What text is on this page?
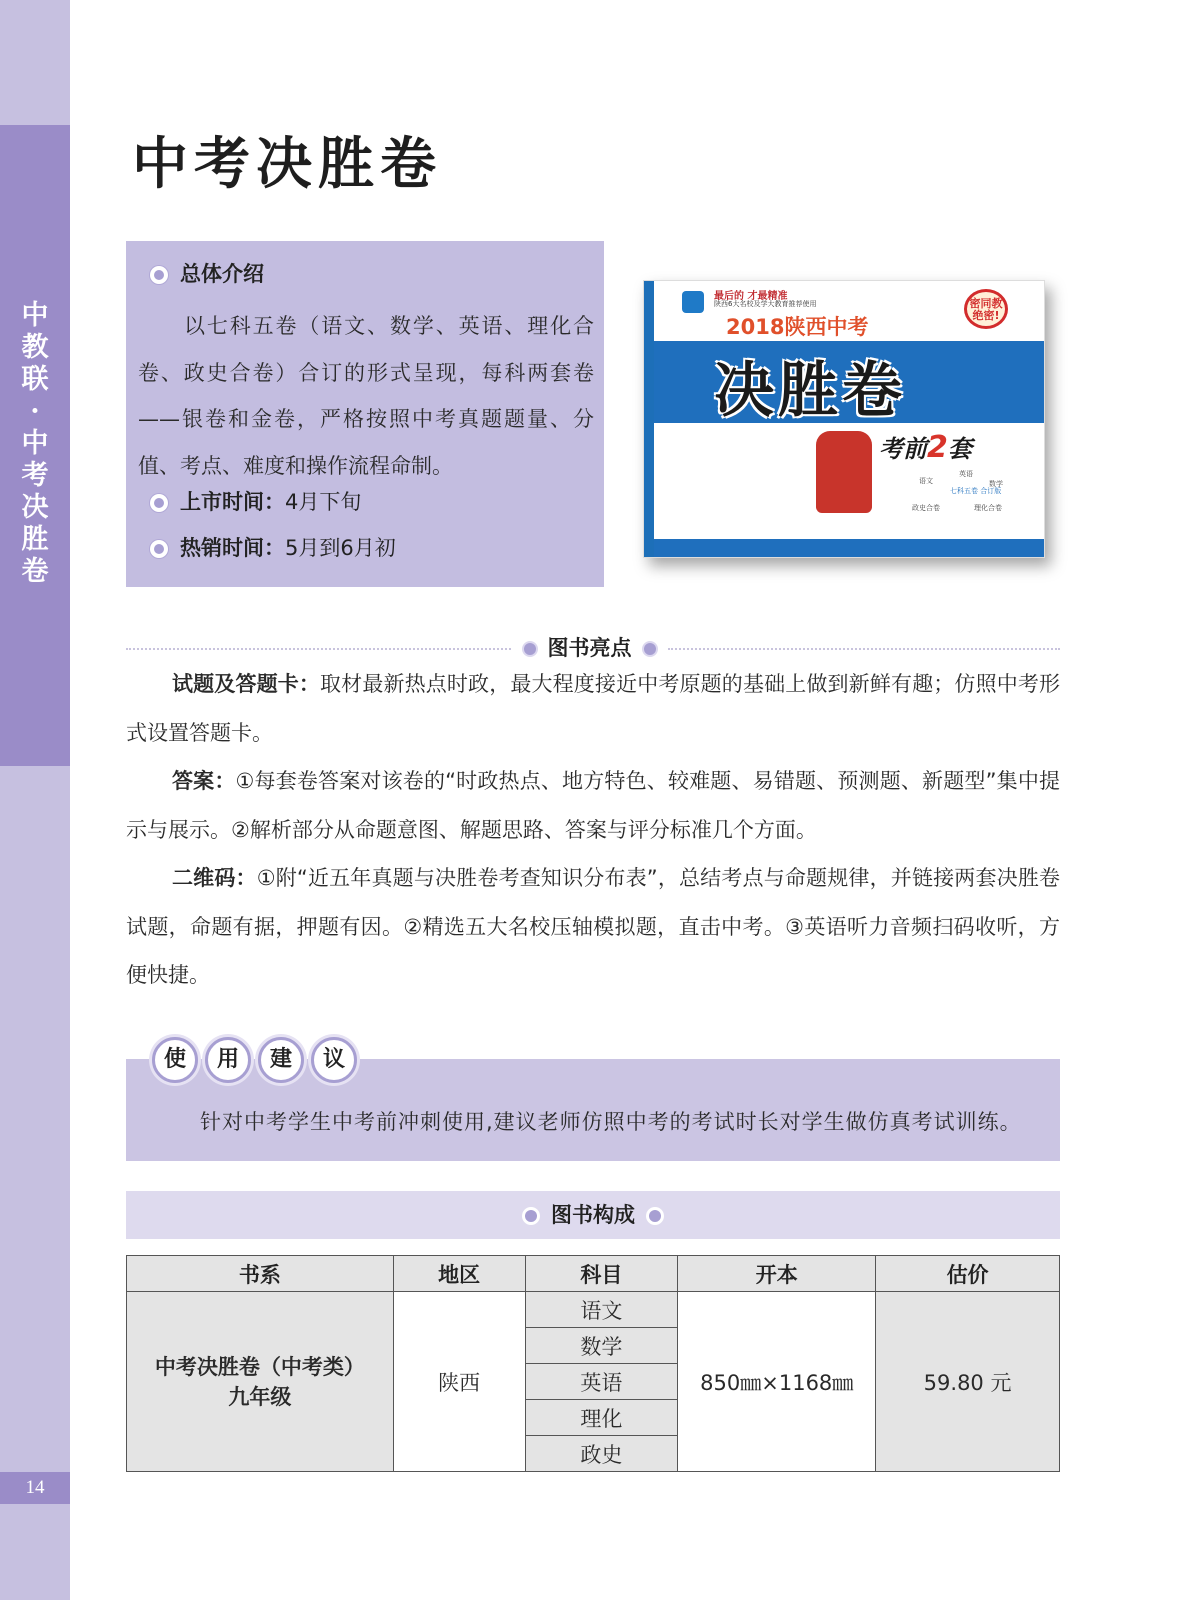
中
教
联
·
中
考
决
胜
卷
14
中考决胜卷
总体介绍
以七科五卷（语文、数学、英语、理化合卷、政史合卷）合订的形式呈现，每科两套卷——银卷和金卷，严格按照中考真题题量、分值、考点、难度和操作流程命制。
上市时间：4月下旬
热销时间：5月到6月初
最后的 才最精准
陕西6大名校及学大教育推荐使用	密同教 绝密!
2018陕西中考
决胜卷
考前2套
语文
英语
数学
政史合卷	理化合卷
七科五卷 合订版
图书亮点

试题及答题卡：取材最新热点时政，最大程度接近中考原题的基础上做到新鲜有趣；仿照中考形式设置答题卡。

答案：①每套卷答案对该卷的“时政热点、地方特色、较难题、易错题、预测题、新题型”集中提示与展示。②解析部分从命题意图、解题思路、答案与评分标准几个方面。

二维码：①附“近五年真题与决胜卷考查知识分布表”，总结考点与命题规律，并链接两套决胜卷试题，命题有据，押题有因。②精选五大名校压轴模拟题，直击中考。③英语听力音频扫码收听，方便快捷。

使	用	建	议
针对中考学生中考前冲刺使用,建议老师仿照中考的考试时长对学生做仿真考试训练。
图书构成
书系	地区	科目	开本	估价

中考决胜卷（中考类）
九年级	陕西	语文	850㎜×1168㎜	59.80 元
		数学		
		英语		
		理化		
		政史		
